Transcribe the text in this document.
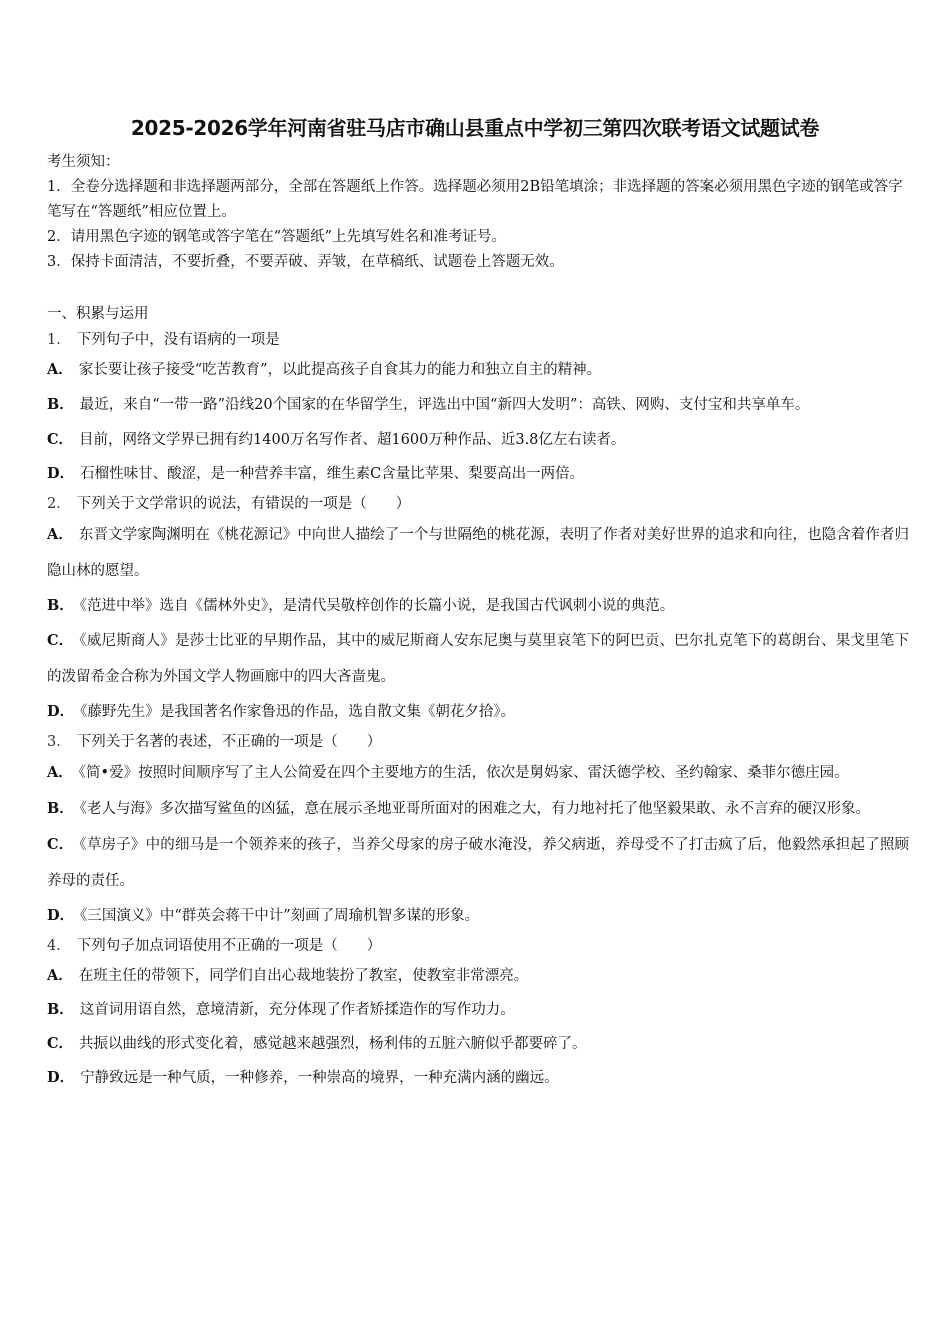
2025-2026学年河南省驻马店市确山县重点中学初三第四次联考语文试题试卷

考生须知：

1．全卷分选择题和非选择题两部分，全部在答题纸上作答。选择题必须用2B铅笔填涂；非选择题的答案必须用黑色字迹的钢笔或答字笔写在“答题纸”相应位置上。

2．请用黑色字迹的钢笔或答字笔在“答题纸”上先填写姓名和准考证号。

3．保持卡面清洁，不要折叠，不要弄破、弄皱，在草稿纸、试题卷上答题无效。

一、积累与运用

1． 下列句子中，没有语病的一项是

A． 家长要让孩子接受“吃苦教育”，以此提高孩子自食其力的能力和独立自主的精神。

B． 最近，来自“一带一路”沿线20个国家的在华留学生，评选出中国“新四大发明”：高铁、网购、支付宝和共享单车。

C． 目前，网络文学界已拥有约1400万名写作者、超1600万种作品、近3.8亿左右读者。

D． 石榴性味甘、酸涩，是一种营养丰富，维生素C含量比苹果、梨要高出一两倍。

2． 下列关于文学常识的说法，有错误的一项是（　　）

A． 东晋文学家陶渊明在《桃花源记》中向世人描绘了一个与世隔绝的桃花源，表明了作者对美好世界的追求和向往，也隐含着作者归隐山林的愿望。

B． 《范进中举》选自《儒林外史》，是清代吴敬梓创作的长篇小说，是我国古代讽刺小说的典范。

C． 《威尼斯商人》是莎士比亚的早期作品，其中的威尼斯商人安东尼奥与莫里哀笔下的阿巴贡、巴尔扎克笔下的葛朗台、果戈里笔下的泼留希金合称为外国文学人物画廊中的四大吝啬鬼。

D． 《藤野先生》是我国著名作家鲁迅的作品，选自散文集《朝花夕拾》。

3． 下列关于名著的表述，不正确的一项是（　　）

A． 《简•爱》按照时间顺序写了主人公简爱在四个主要地方的生活，依次是舅妈家、雷沃德学校、圣约翰家、桑菲尔德庄园。

B． 《老人与海》多次描写鲨鱼的凶猛，意在展示圣地亚哥所面对的困难之大，有力地衬托了他坚毅果敢、永不言弃的硬汉形象。

C． 《草房子》中的细马是一个领养来的孩子，当养父母家的房子破水淹没，养父病逝，养母受不了打击疯了后，他毅然承担起了照顾养母的责任。

D． 《三国演义》中“群英会蒋干中计”刻画了周瑜机智多谋的形象。

4． 下列句子加点词语使用不正确的一项是（　　）

A． 在班主任的带领下，同学们自出心裁地装扮了教室，使教室非常漂亮。

B． 这首词用语自然，意境清新，充分体现了作者矫揉造作的写作功力。

C． 共振以曲线的形式变化着，感觉越来越强烈，杨利伟的五脏六腑似乎都要碎了。

D． 宁静致远是一种气质，一种修养，一种崇高的境界，一种充满内涵的幽远。
